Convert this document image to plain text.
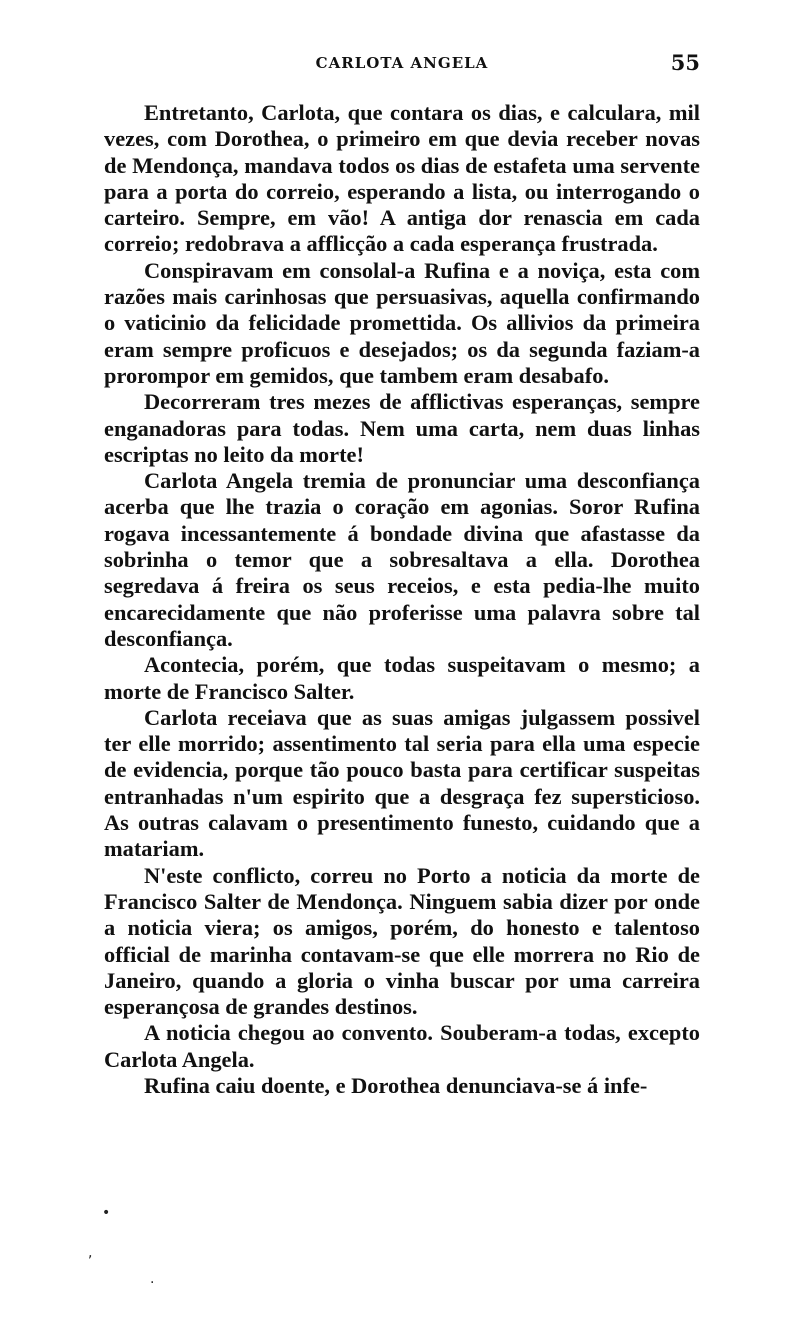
CARLOTA ANGELA	55

Entretanto, Carlota, que contara os dias, e calculara, mil vezes, com Dorothea, o primeiro em que devia receber novas de Mendonça, mandava todos os dias de estafeta uma servente para a porta do correio, esperando a lista, ou interrogando o carteiro. Sempre, em vão! A antiga dor renascia em cada correio; redobrava a afflicção a cada esperança frustrada.

Conspiravam em consolal-a Rufina e a noviça, esta com razões mais carinhosas que persuasivas, aquella confirmando o vaticinio da felicidade promettida. Os allivios da primeira eram sempre proficuos e desejados; os da segunda faziam-a prorompor em gemidos, que tambem eram desabafo.

Decorreram tres mezes de afflictivas esperanças, sempre enganadoras para todas. Nem uma carta, nem duas linhas escriptas no leito da morte!

Carlota Angela tremia de pronunciar uma desconfiança acerba que lhe trazia o coração em agonias. Soror Rufina rogava incessantemente á bondade divina que afastasse da sobrinha o temor que a sobresaltava a ella. Dorothea segredava á freira os seus receios, e esta pedia-lhe muito encarecidamente que não proferisse uma palavra sobre tal desconfiança.

Acontecia, porém, que todas suspeitavam o mesmo; a morte de Francisco Salter.

Carlota receiava que as suas amigas julgassem possivel ter elle morrido; assentimento tal seria para ella uma especie de evidencia, porque tão pouco basta para certificar suspeitas entranhadas n'um espirito que a desgraça fez supersticioso. As outras calavam o presentimento funesto, cuidando que a matariam.

N'este conflicto, correu no Porto a noticia da morte de Francisco Salter de Mendonça. Ninguem sabia dizer por onde a noticia viera; os amigos, porém, do honesto e talentoso official de marinha contavam-se que elle morrera no Rio de Janeiro, quando a gloria o vinha buscar por uma carreira esperançosa de grandes destinos.

A noticia chegou ao convento. Souberam-a todas, excepto Carlota Angela.

Rufina caiu doente, e Dorothea denunciava-se á infe-

•
,
·
